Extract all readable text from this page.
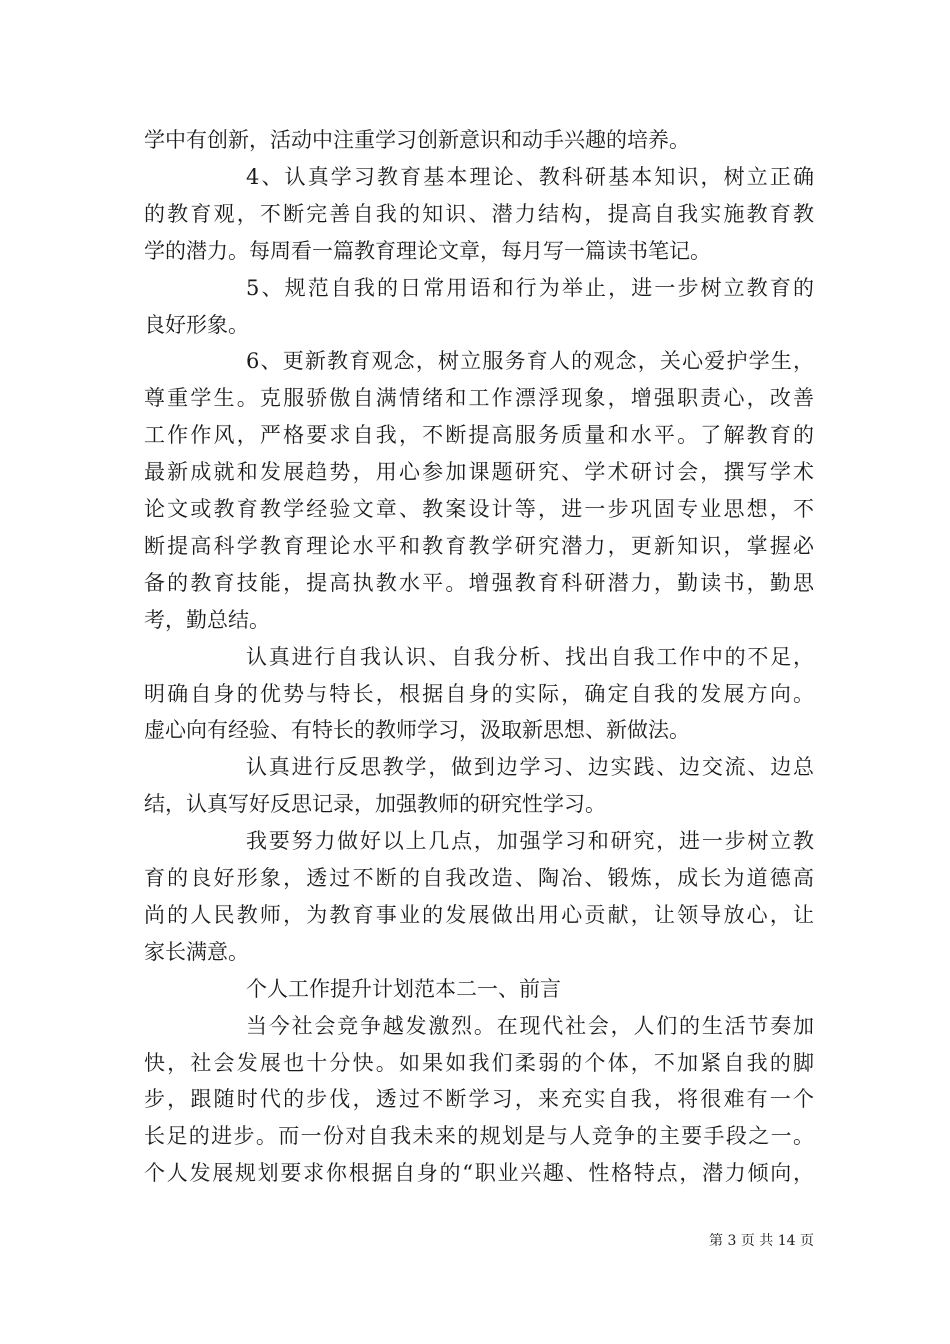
学中有创新，活动中注重学习创新意识和动手兴趣的培养。
4、认真学习教育基本理论、教科研基本知识，树立正确
的教育观，不断完善自我的知识、潜力结构，提高自我实施教育教
学的潜力。每周看一篇教育理论文章，每月写一篇读书笔记。
5、规范自我的日常用语和行为举止，进一步树立教育的
良好形象。
6、更新教育观念，树立服务育人的观念，关心爱护学生，
尊重学生。克服骄傲自满情绪和工作漂浮现象，增强职责心，改善
工作作风，严格要求自我，不断提高服务质量和水平。了解教育的
最新成就和发展趋势，用心参加课题研究、学术研讨会，撰写学术
论文或教育教学经验文章、教案设计等，进一步巩固专业思想，不
断提高科学教育理论水平和教育教学研究潜力，更新知识，掌握必
备的教育技能，提高执教水平。增强教育科研潜力，勤读书，勤思
考，勤总结。
认真进行自我认识、自我分析、找出自我工作中的不足，
明确自身的优势与特长，根据自身的实际，确定自我的发展方向。
虚心向有经验、有特长的教师学习，汲取新思想、新做法。
认真进行反思教学，做到边学习、边实践、边交流、边总
结，认真写好反思记录，加强教师的研究性学习。
我要努力做好以上几点，加强学习和研究，进一步树立教
育的良好形象，透过不断的自我改造、陶冶、锻炼，成长为道德高
尚的人民教师，为教育事业的发展做出用心贡献，让领导放心，让
家长满意。
个人工作提升计划范本二一、前言
当今社会竞争越发激烈。在现代社会，人们的生活节奏加
快，社会发展也十分快。如果如我们柔弱的个体，不加紧自我的脚
步，跟随时代的步伐，透过不断学习，来充实自我，将很难有一个
长足的进步。而一份对自我未来的规划是与人竞争的主要手段之一。
个人发展规划要求你根据自身的“职业兴趣、性格特点，潜力倾向，
第 3 页 共 14 页
